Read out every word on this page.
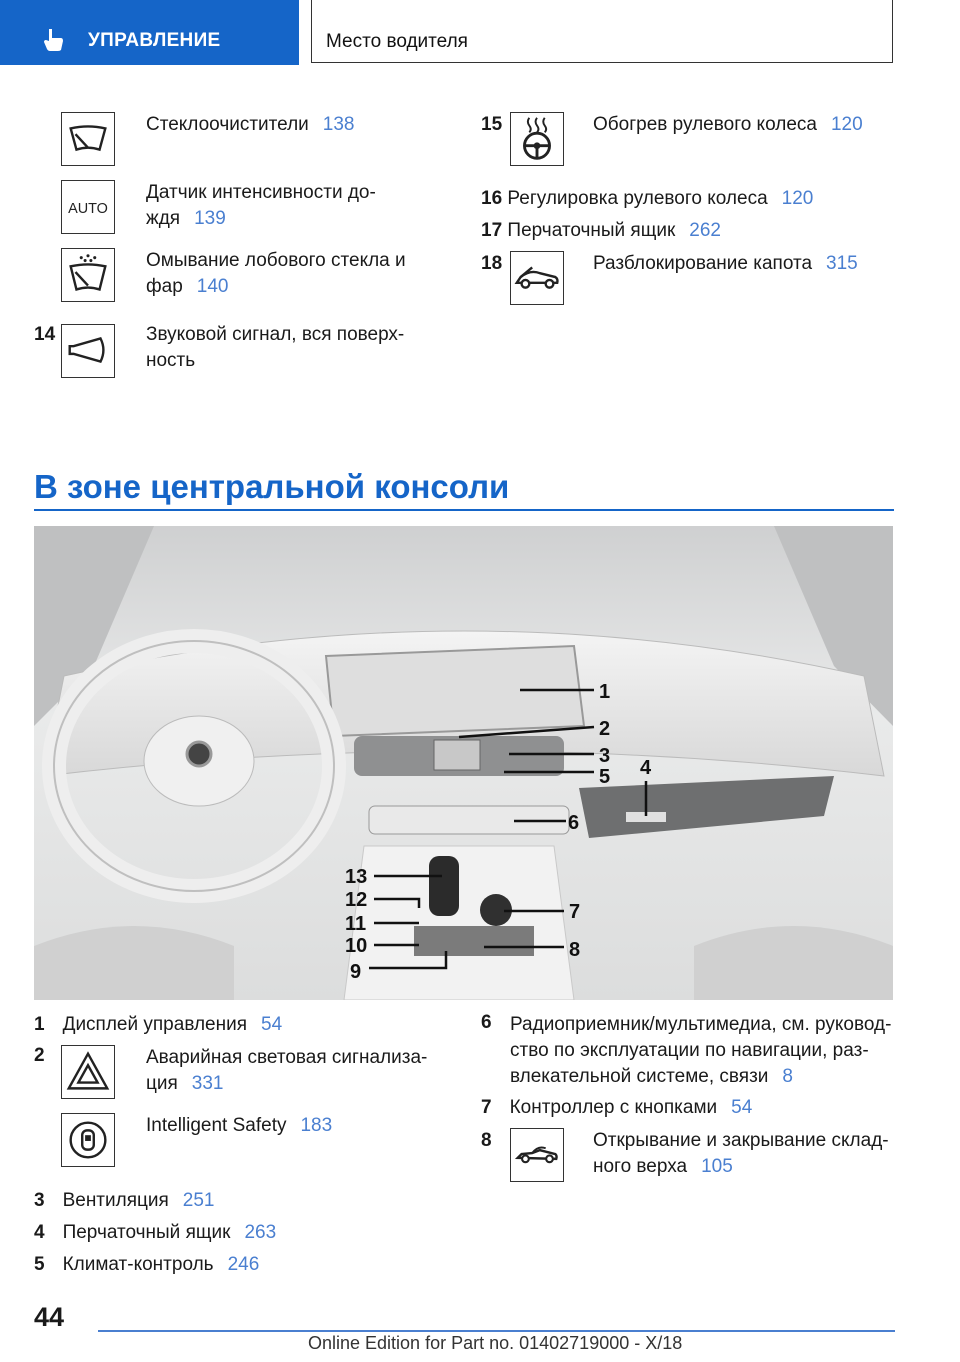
УПРАВЛЕНИЕ	Место водителя
Стеклоочистители 138
AUTO
Датчик интенсивности до-
ждя 139
Омывание лобового стекла и
фар 140
14	Звуковой сигнал, вся поверх-
ность
15	Обогрев рулевого колеса 120
16 Регулировка рулевого колеса 120
17 Перчаточный ящик 262
18	Разблокирование капота 315
В зоне центральной консоли
1
2
3
4
5
6
7
8
9
10
11
12
13
1 Дисплей управления 54
2	Аварийная световая сигнализа-
ция 331
Intelligent Safety 183
3 Вентиляция 251
4 Перчаточный ящик 263
5 Климат-контроль 246
6 Радиоприемник/мультимедиа, см. руковод-
ство по эксплуатации по навигации, раз-
влекательной системе, связи 8
7 Контроллер с кнопками 54
8	Открывание и закрывание склад-
ного верха 105
44
Online Edition for Part no. 01402719000 - X/18
